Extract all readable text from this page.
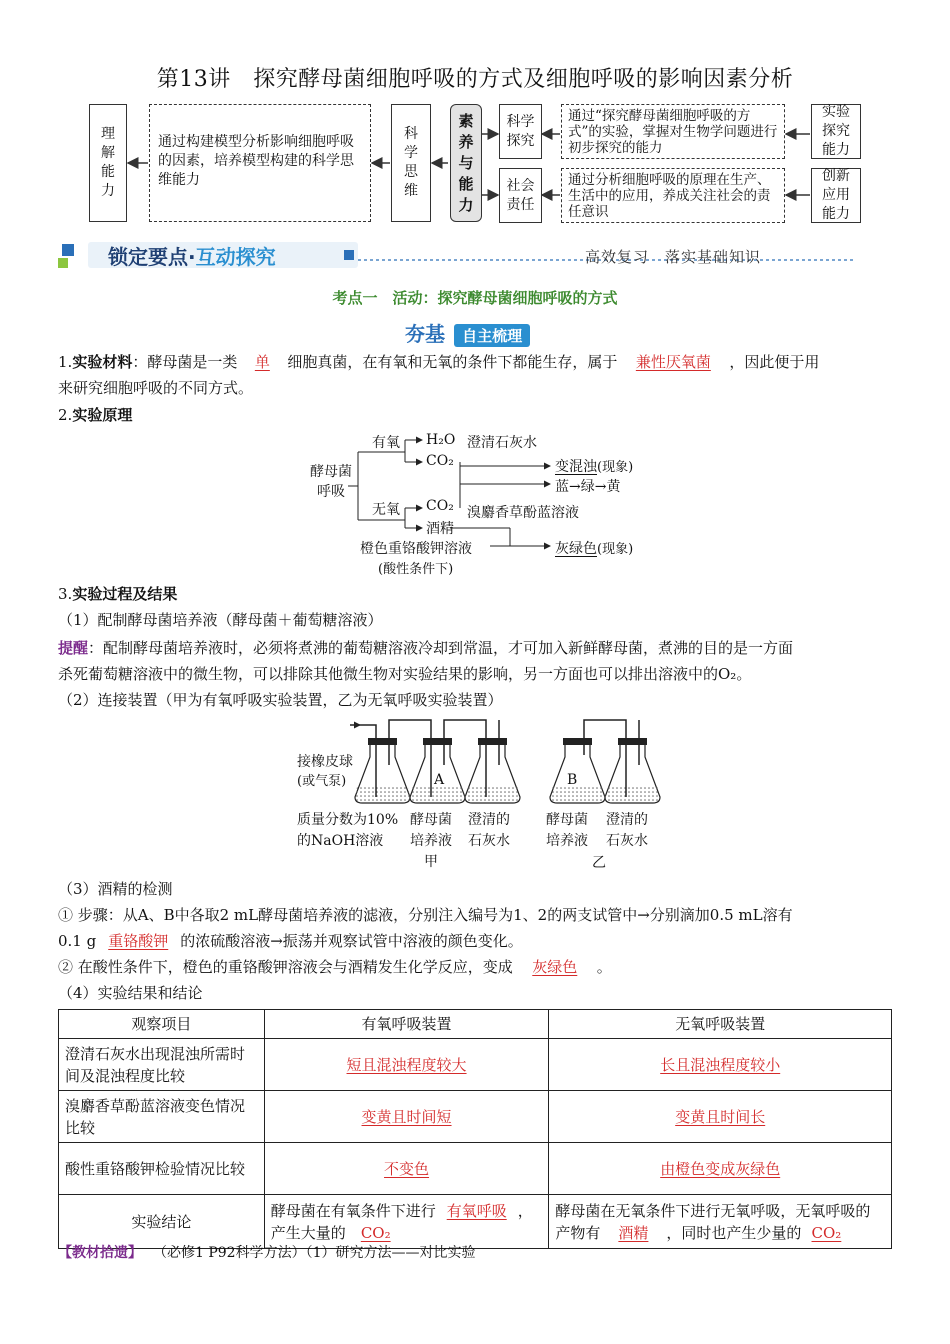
第13讲　探究酵母菌细胞呼吸的方式及细胞呼吸的影响因素分析
理解能力
通过构建模型分析影响细胞呼吸的因素，培养模型构建的科学思维能力
科学思维
素养与能力
科学探究
通过“探究酵母菌细胞呼吸的方式”的实验，掌握对生物学问题进行初步探究的能力
实验探究能力
社会责任
通过分析细胞呼吸的原理在生产、生活中的应用，养成关注社会的责任意识
创新应用能力
锁定要点·互动探究	高效复习　落实基础知识
考点一　活动：探究酵母菌细胞呼吸的方式
夯基 自主梳理
1.实验材料：酵母菌是一类 单 细胞真菌，在有氧和无氧的条件下都能生存，属于 兼性厌氧菌 ，因此便于用
来研究细胞呼吸的不同方式。
2.实验原理
酵母菌
呼吸
有氧
无氧
H₂O
CO₂
澄清石灰水
变混浊(现象)
蓝→绿→黄
CO₂ 溴麝香草酚蓝溶液
酒精
橙色重铬酸钾溶液
(酸性条件下)
灰绿色(现象)
3.实验过程及结果
（1）配制酵母菌培养液（酵母菌＋葡萄糖溶液）
提醒：配制酵母菌培养液时，必须将煮沸的葡萄糖溶液冷却到常温，才可加入新鲜酵母菌，煮沸的目的是一方面
杀死葡萄糖溶液中的微生物，可以排除其他微生物对实验结果的影响，另一方面也可以排出溶液中的O₂。
（2）连接装置（甲为有氧呼吸实验装置，乙为无氧呼吸实验装置）
接橡皮球
(或气泵)	A	B
质量分数为10%
的NaOH溶液
酵母菌
培养液
甲
澄清的
石灰水
酵母菌
培养液
澄清的
石灰水
乙
（3）酒精的检测
① 步骤：从A、B中各取2 mL酵母菌培养液的滤液，分别注入编号为1、2的两支试管中→分别滴加0.5 mL溶有
0.1 g 重铬酸钾 的浓硫酸溶液→振荡并观察试管中溶液的颜色变化。
② 在酸性条件下，橙色的重铬酸钾溶液会与酒精发生化学反应，变成 灰绿色 。
（4）实验结果和结论
观察项目	有氧呼吸装置	无氧呼吸装置
澄清石灰水出现混浊所需时间及混浊程度比较	短且混浊程度较大	长且混浊程度较小
溴麝香草酚蓝溶液变色情况比较	变黄且时间短	变黄且时间长
酸性重铬酸钾检验情况比较	不变色	由橙色变成灰绿色
实验结论	酵母菌在有氧条件下进行 有氧呼吸 ，产生大量的 CO₂	酵母菌在无氧条件下进行无氧呼吸，无氧呼吸的产物有 酒精 ，同时也产生少量的 CO₂
【教材拾遗】 （必修1 P92科学方法）（1）研究方法——对比实验
